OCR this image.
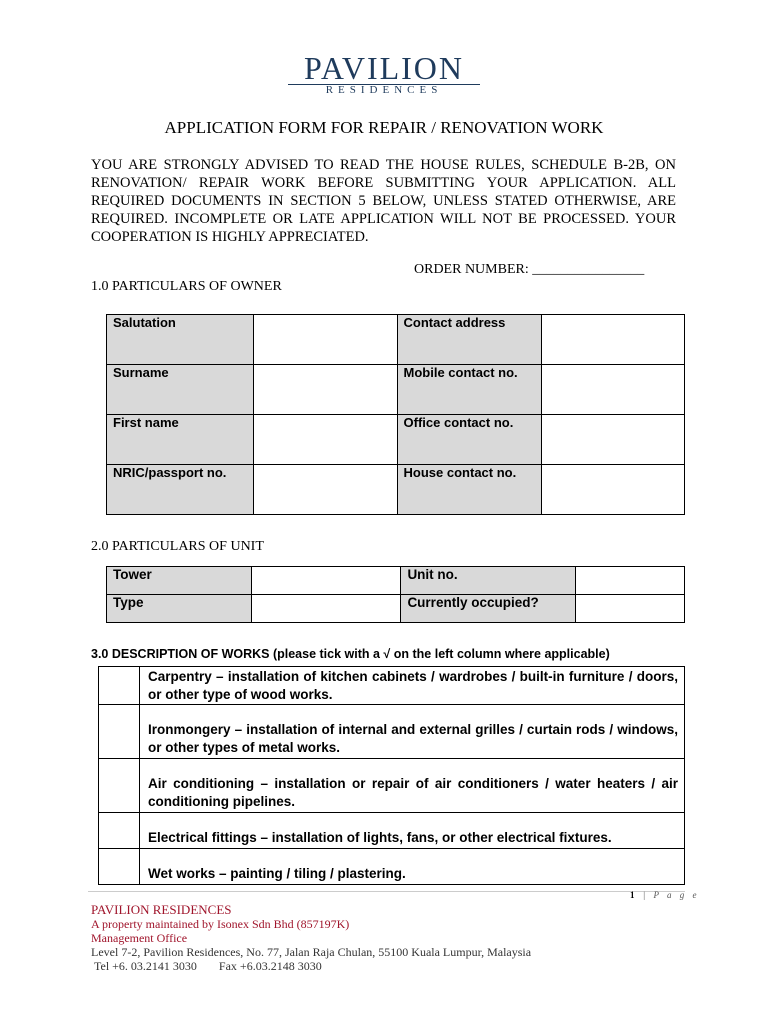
PAVILION
RESIDENCES
APPLICATION FORM FOR REPAIR / RENOVATION WORK

YOU ARE STRONGLY ADVISED TO READ THE HOUSE RULES, SCHEDULE B-2B, ON RENOVATION/ REPAIR WORK BEFORE SUBMITTING YOUR APPLICATION. ALL REQUIRED DOCUMENTS IN SECTION 5 BELOW, UNLESS STATED OTHERWISE, ARE REQUIRED. INCOMPLETE OR LATE APPLICATION WILL NOT BE PROCESSED. YOUR COOPERATION IS HIGHLY APPRECIATED.

ORDER NUMBER: ________________
1.0 PARTICULARS OF OWNER
Salutation		Contact address	
Surname		Mobile contact no.	
First name		Office contact no.	
NRIC/passport no.		House contact no.	
2.0 PARTICULARS OF UNIT
Tower		Unit no.	
Type		Currently occupied?	
3.0 DESCRIPTION OF WORKS (please tick with a √ on the left column where applicable)
	Carpentry – installation of kitchen cabinets / wardrobes / built-in furniture / doors, or other type of wood works.
	Ironmongery – installation of internal and external grilles / curtain rods / windows, or other types of metal works.
	Air conditioning – installation or repair of air conditioners / water heaters / air conditioning pipelines.
	Electrical fittings – installation of lights, fans, or other electrical fixtures.
	Wet works – painting / tiling / plastering.
1 | P a g e
PAVILION RESIDENCES
A property maintained by Isonex Sdn Bhd (857197K)
Management Office
Level 7-2, Pavilion Residences, No. 77, Jalan Raja Chulan, 55100 Kuala Lumpur, Malaysia
Tel +6. 03.2141 3030 Fax +6.03.2148 3030
